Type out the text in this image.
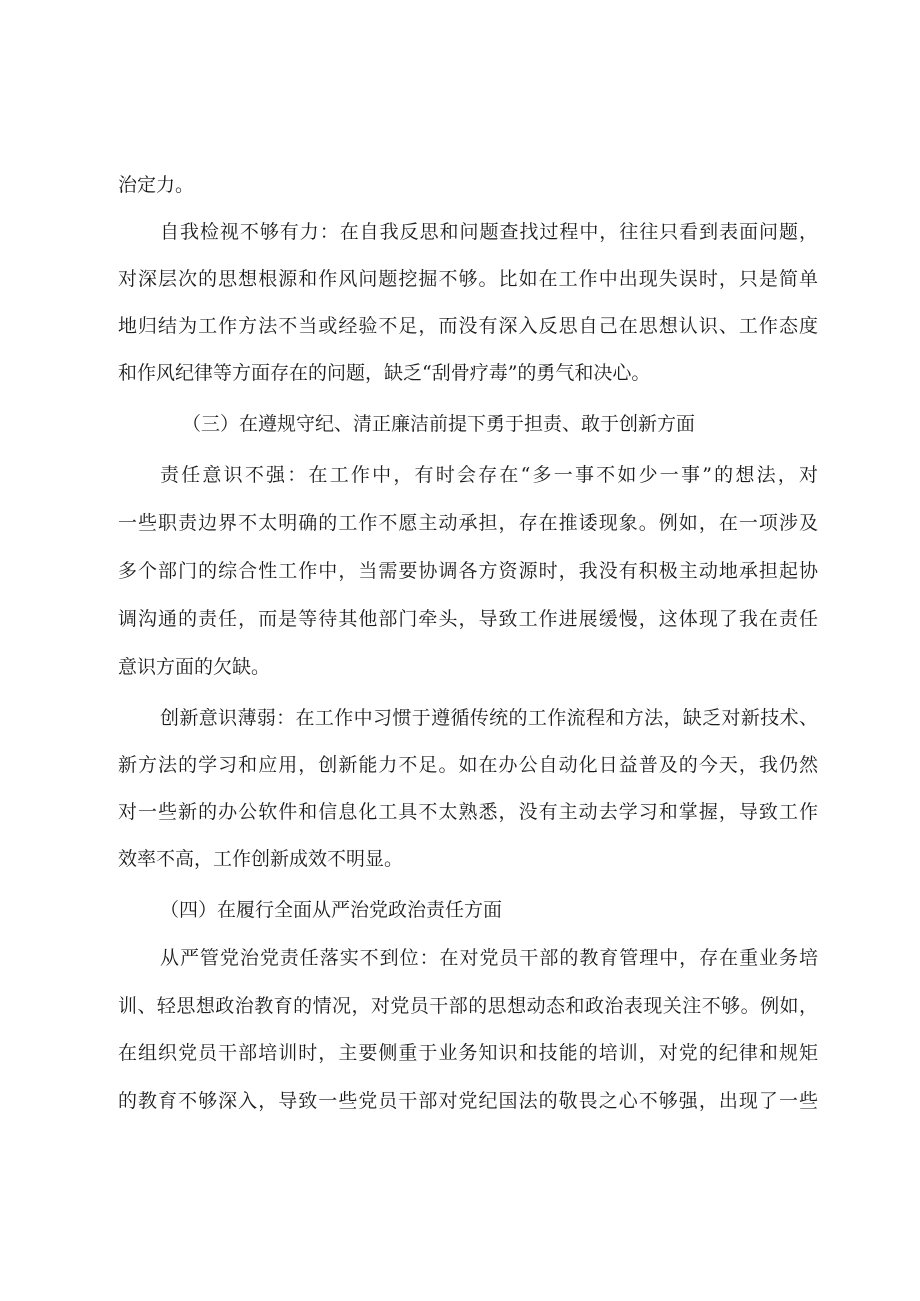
治定力。

自我检视不够有力：在自我反思和问题查找过程中，往往只看到表面问题，

对深层次的思想根源和作风问题挖掘不够。比如在工作中出现失误时，只是简单

地归结为工作方法不当或经验不足，而没有深入反思自己在思想认识、工作态度

和作风纪律等方面存在的问题，缺乏“刮骨疗毒”的勇气和决心。

（三）在遵规守纪、清正廉洁前提下勇于担责、敢于创新方面

责任意识不强：在工作中，有时会存在“多一事不如少一事”的想法，对

一些职责边界不太明确的工作不愿主动承担，存在推诿现象。例如，在一项涉及

多个部门的综合性工作中，当需要协调各方资源时，我没有积极主动地承担起协

调沟通的责任，而是等待其他部门牵头，导致工作进展缓慢，这体现了我在责任

意识方面的欠缺。

创新意识薄弱：在工作中习惯于遵循传统的工作流程和方法，缺乏对新技术、

新方法的学习和应用，创新能力不足。如在办公自动化日益普及的今天，我仍然

对一些新的办公软件和信息化工具不太熟悉，没有主动去学习和掌握，导致工作

效率不高，工作创新成效不明显。

（四）在履行全面从严治党政治责任方面

从严管党治党责任落实不到位：在对党员干部的教育管理中，存在重业务培

训、轻思想政治教育的情况，对党员干部的思想动态和政治表现关注不够。例如，

在组织党员干部培训时，主要侧重于业务知识和技能的培训，对党的纪律和规矩

的教育不够深入，导致一些党员干部对党纪国法的敬畏之心不够强，出现了一些
